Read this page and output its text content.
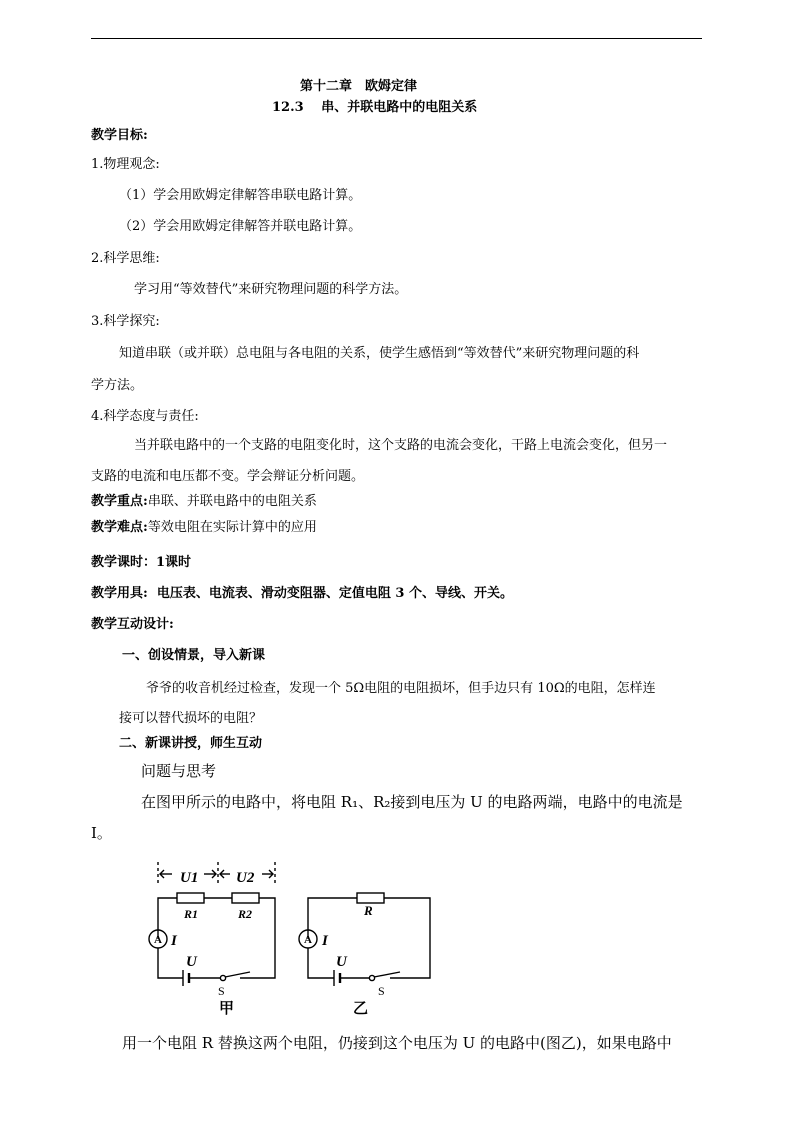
第十二章　欧姆定律
12.3　 串、并联电路中的电阻关系
教学目标:
1.物理观念:
（1）学会用欧姆定律解答串联电路计算。
（2）学会用欧姆定律解答并联电路计算。
2.科学思维:
学习用“等效替代”来研究物理问题的科学方法。
3.科学探究:
知道串联（或并联）总电阻与各电阻的关系，使学生感悟到“等效替代”来研究物理问题的科
学方法。
4.科学态度与责任:
当并联电路中的一个支路的电阻变化时，这个支路的电流会变化，干路上电流会变化，但另一
支路的电流和电压都不变。学会辩证分析问题。
教学重点:串联、并联电路中的电阻关系
教学难点:等效电阻在实际计算中的应用
教学课时：1课时
教学用具: 电压表、电流表、滑动变阻器、定值电阻 3 个、导线、开关。
教学互动设计:
一、创设情景，导入新课
爷爷的收音机经过检查，发现一个 5Ω电阻的电阻损坏，但手边只有 10Ω的电阻，怎样连
接可以替代损坏的电阻？
二、新课讲授，师生互动
问题与思考
在图甲所示的电路中，将电阻 R₁、R₂接到电压为 U 的电路两端，电路中的电流是
I。
U1	U2
R1	R2
I
U
R
I
U
A	A
S	S
甲	乙
用一个电阻 R 替换这两个电阻，仍接到这个电压为 U 的电路中(图乙)，如果电路中
